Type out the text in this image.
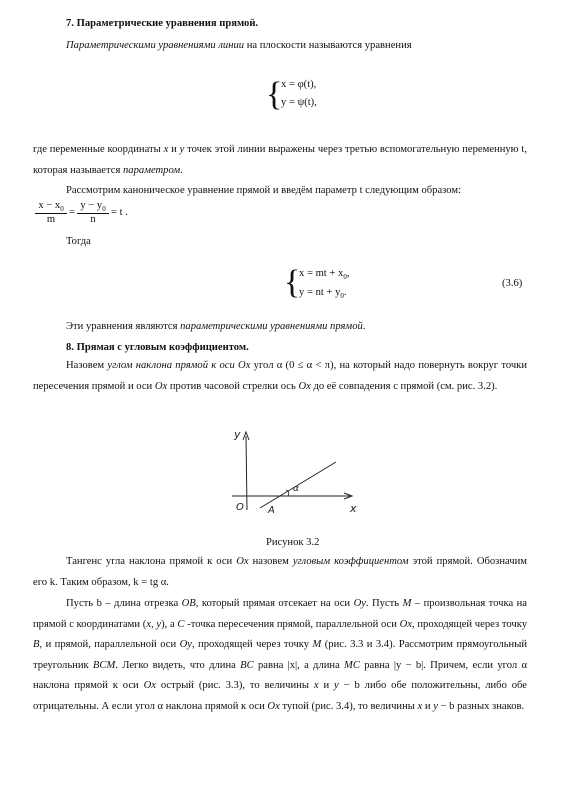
7. Параметрические уравнения прямой.
Параметрическими уравнениями линии на плоскости называются уравнения
{
x = φ(t),
y = ψ(t),
где переменные координаты x и y точек этой линии выражены через третью вспомогательную переменную t, которая называется параметром.
Рассмотрим каноническое уравнение прямой и введём параметр t следующим образом:
$\frac{x - x_0}{m} = \frac{y - y_0}{n} = t$ .
Тогда
{
x = mt + $x_0$,
y = nt + $y_0$.
(3.6)
Эти уравнения являются параметрическими уравнениями прямой.
8. Прямая с угловым коэффициентом.
Назовем углом наклона прямой к оси Ox угол α (0 ≤ α < π), на который надо повернуть вокруг точки пересечения прямой и оси Ox против часовой стрелки ось Ox до её совпадения с прямой (см. рис. 3.2).
y
x
O A
α
Рисунок 3.2
Тангенс угла наклона прямой к оси Ox назовем угловым коэффициентом этой прямой. Обозначим его k. Таким образом, k = tg α.
Пусть b – длина отрезка OB, который прямая отсекает на оси Oy. Пусть M – произвольная точка на прямой с координатами (x, y), а C -точка пересечения прямой, параллельной оси Ox, проходящей через точку B, и прямой, параллельной оси Oy, проходящей через точку M (рис. 3.3 и 3.4). Рассмотрим прямоугольный треугольник BCM. Легко видеть, что длина BC равна |x|, а длина MC равна |y − b|. Причем, если угол α наклона прямой к оси Ox острый (рис. 3.3), то величины x и y − b либо обе положительны, либо обе отрицательны. А если угол α наклона прямой к оси Ox тупой (рис. 3.4), то величины x и y − b разных знаков.
